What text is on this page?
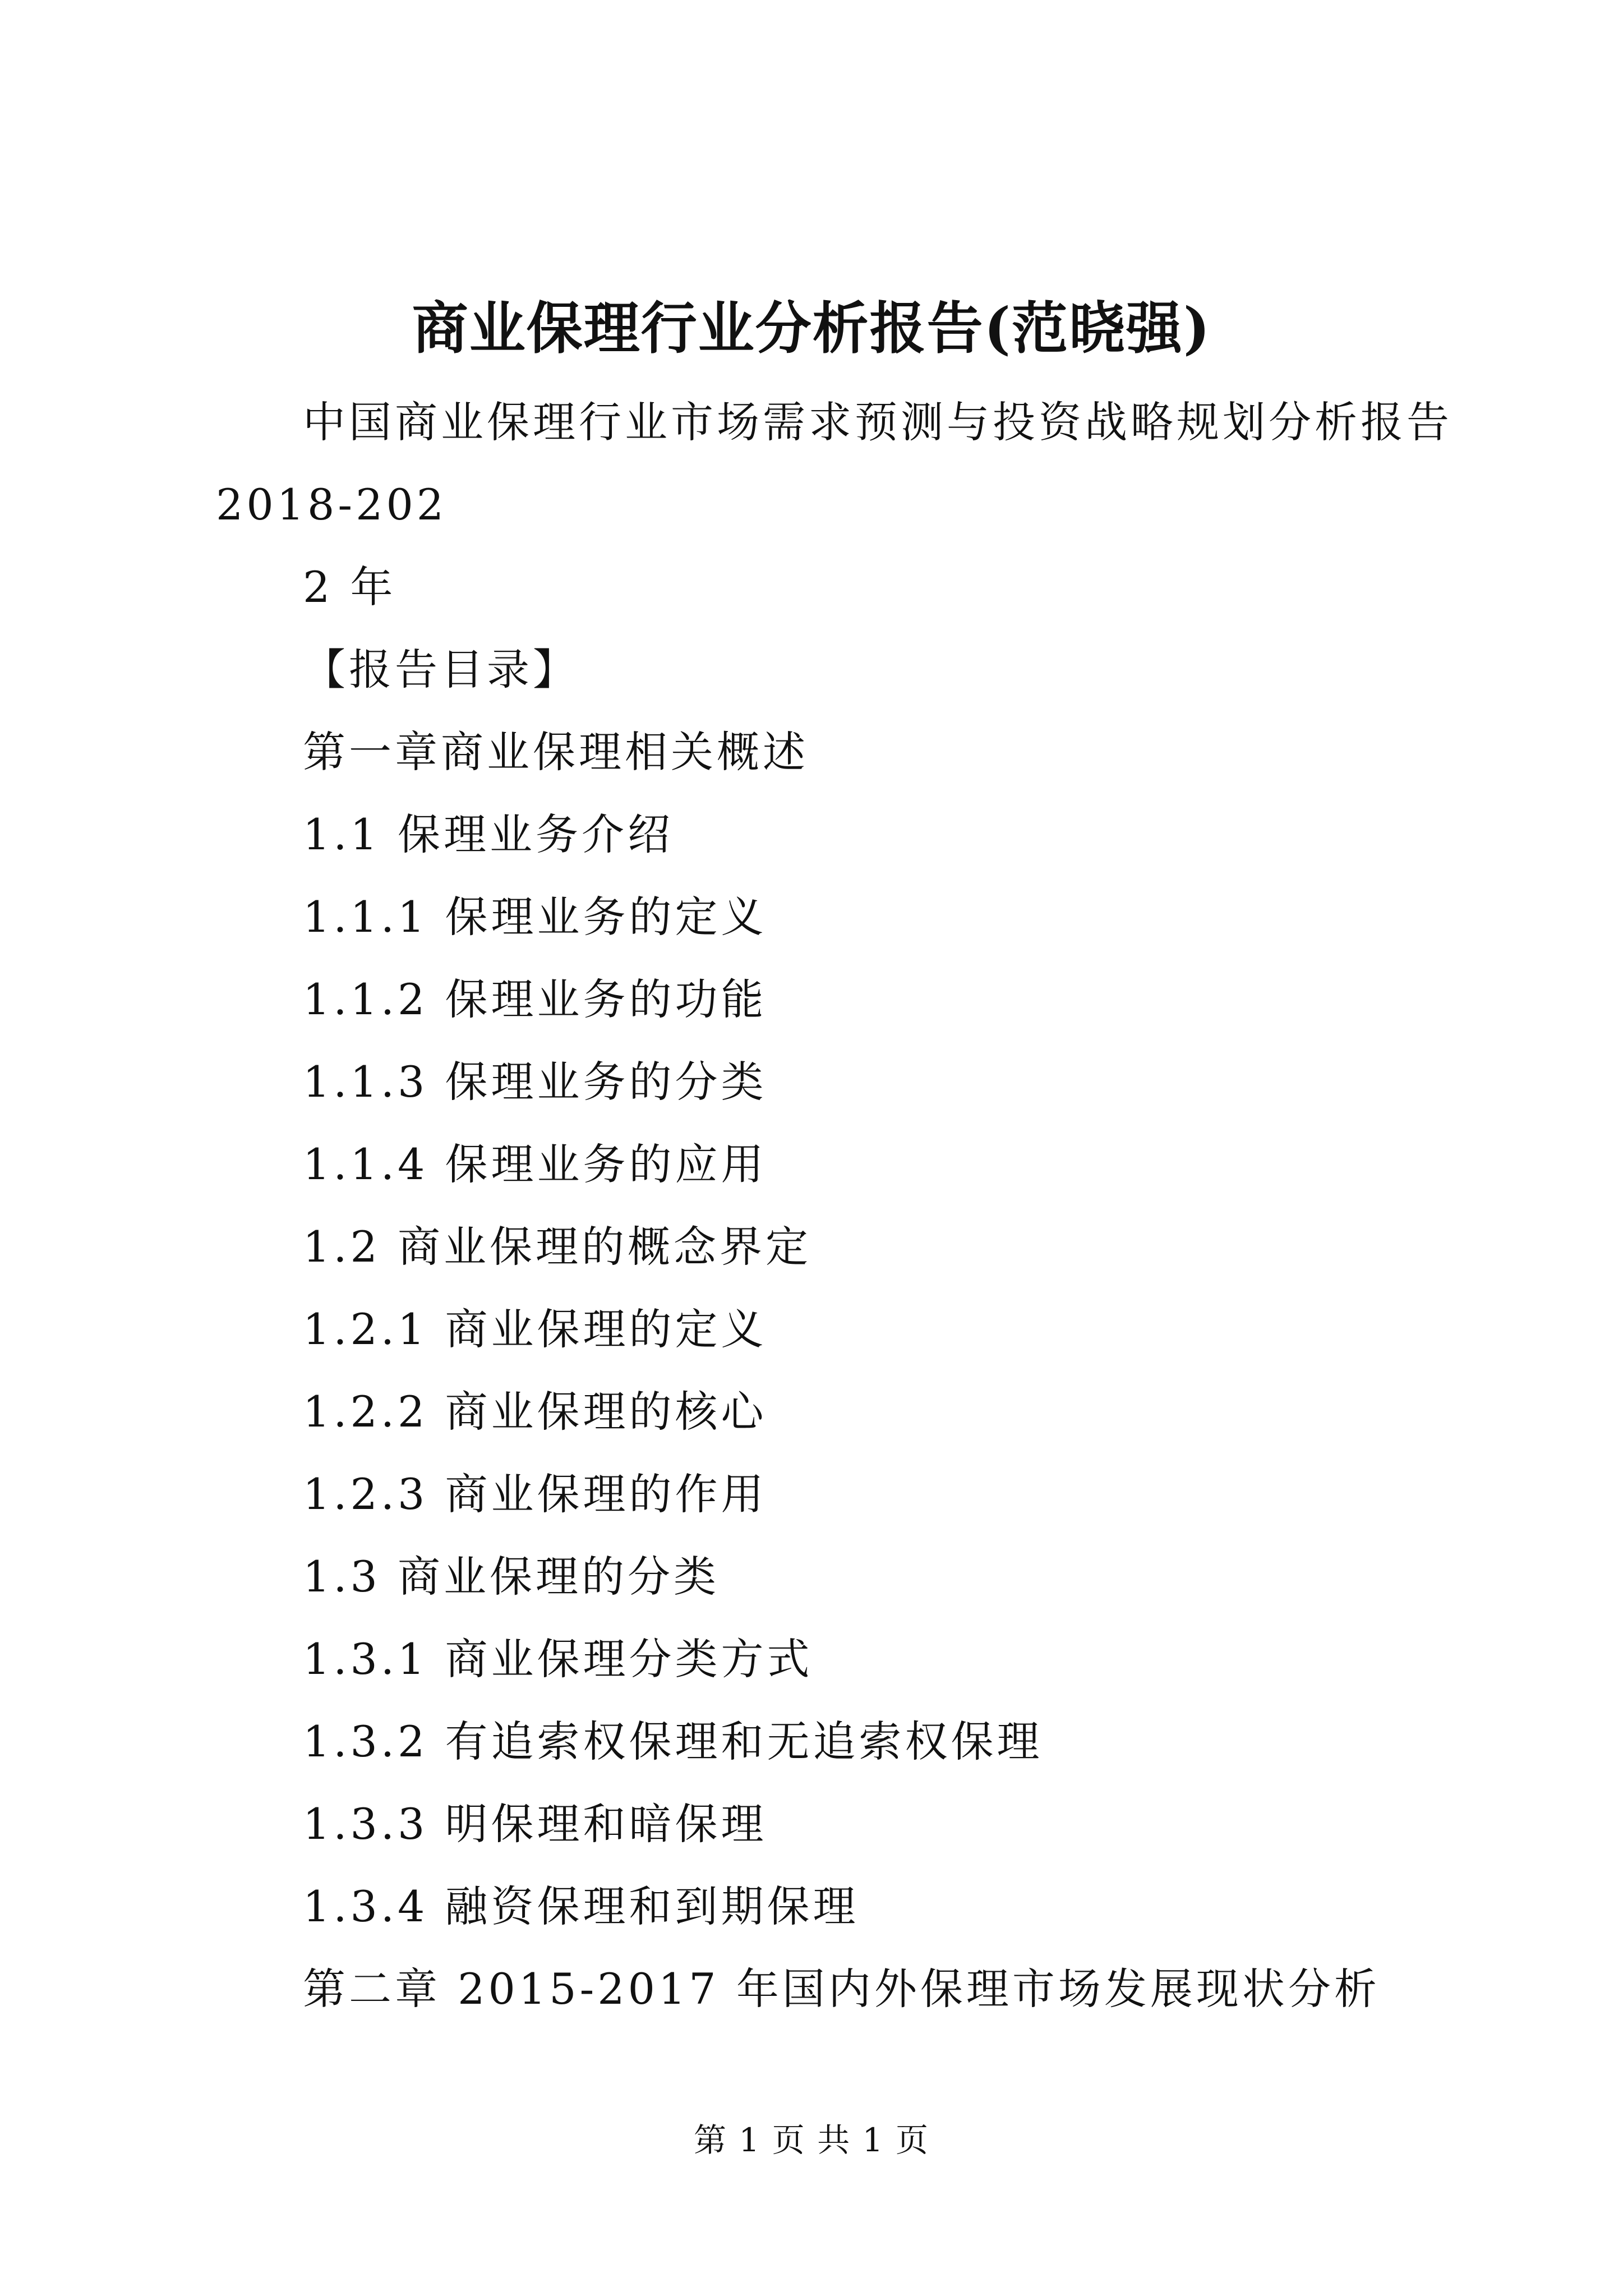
商业保理行业分析报告(范晓强)

中国商业保理行业市场需求预测与投资战略规划分析报告

2018-202

2 年

【报告目录】

第一章商业保理相关概述

1.1 保理业务介绍

1.1.1 保理业务的定义

1.1.2 保理业务的功能

1.1.3 保理业务的分类

1.1.4 保理业务的应用

1.2 商业保理的概念界定

1.2.1 商业保理的定义

1.2.2 商业保理的核心

1.2.3 商业保理的作用

1.3 商业保理的分类

1.3.1 商业保理分类方式

1.3.2 有追索权保理和无追索权保理

1.3.3 明保理和暗保理

1.3.4 融资保理和到期保理

第二章 2015-2017 年国内外保理市场发展现状分析

第 1 页 共 1 页
